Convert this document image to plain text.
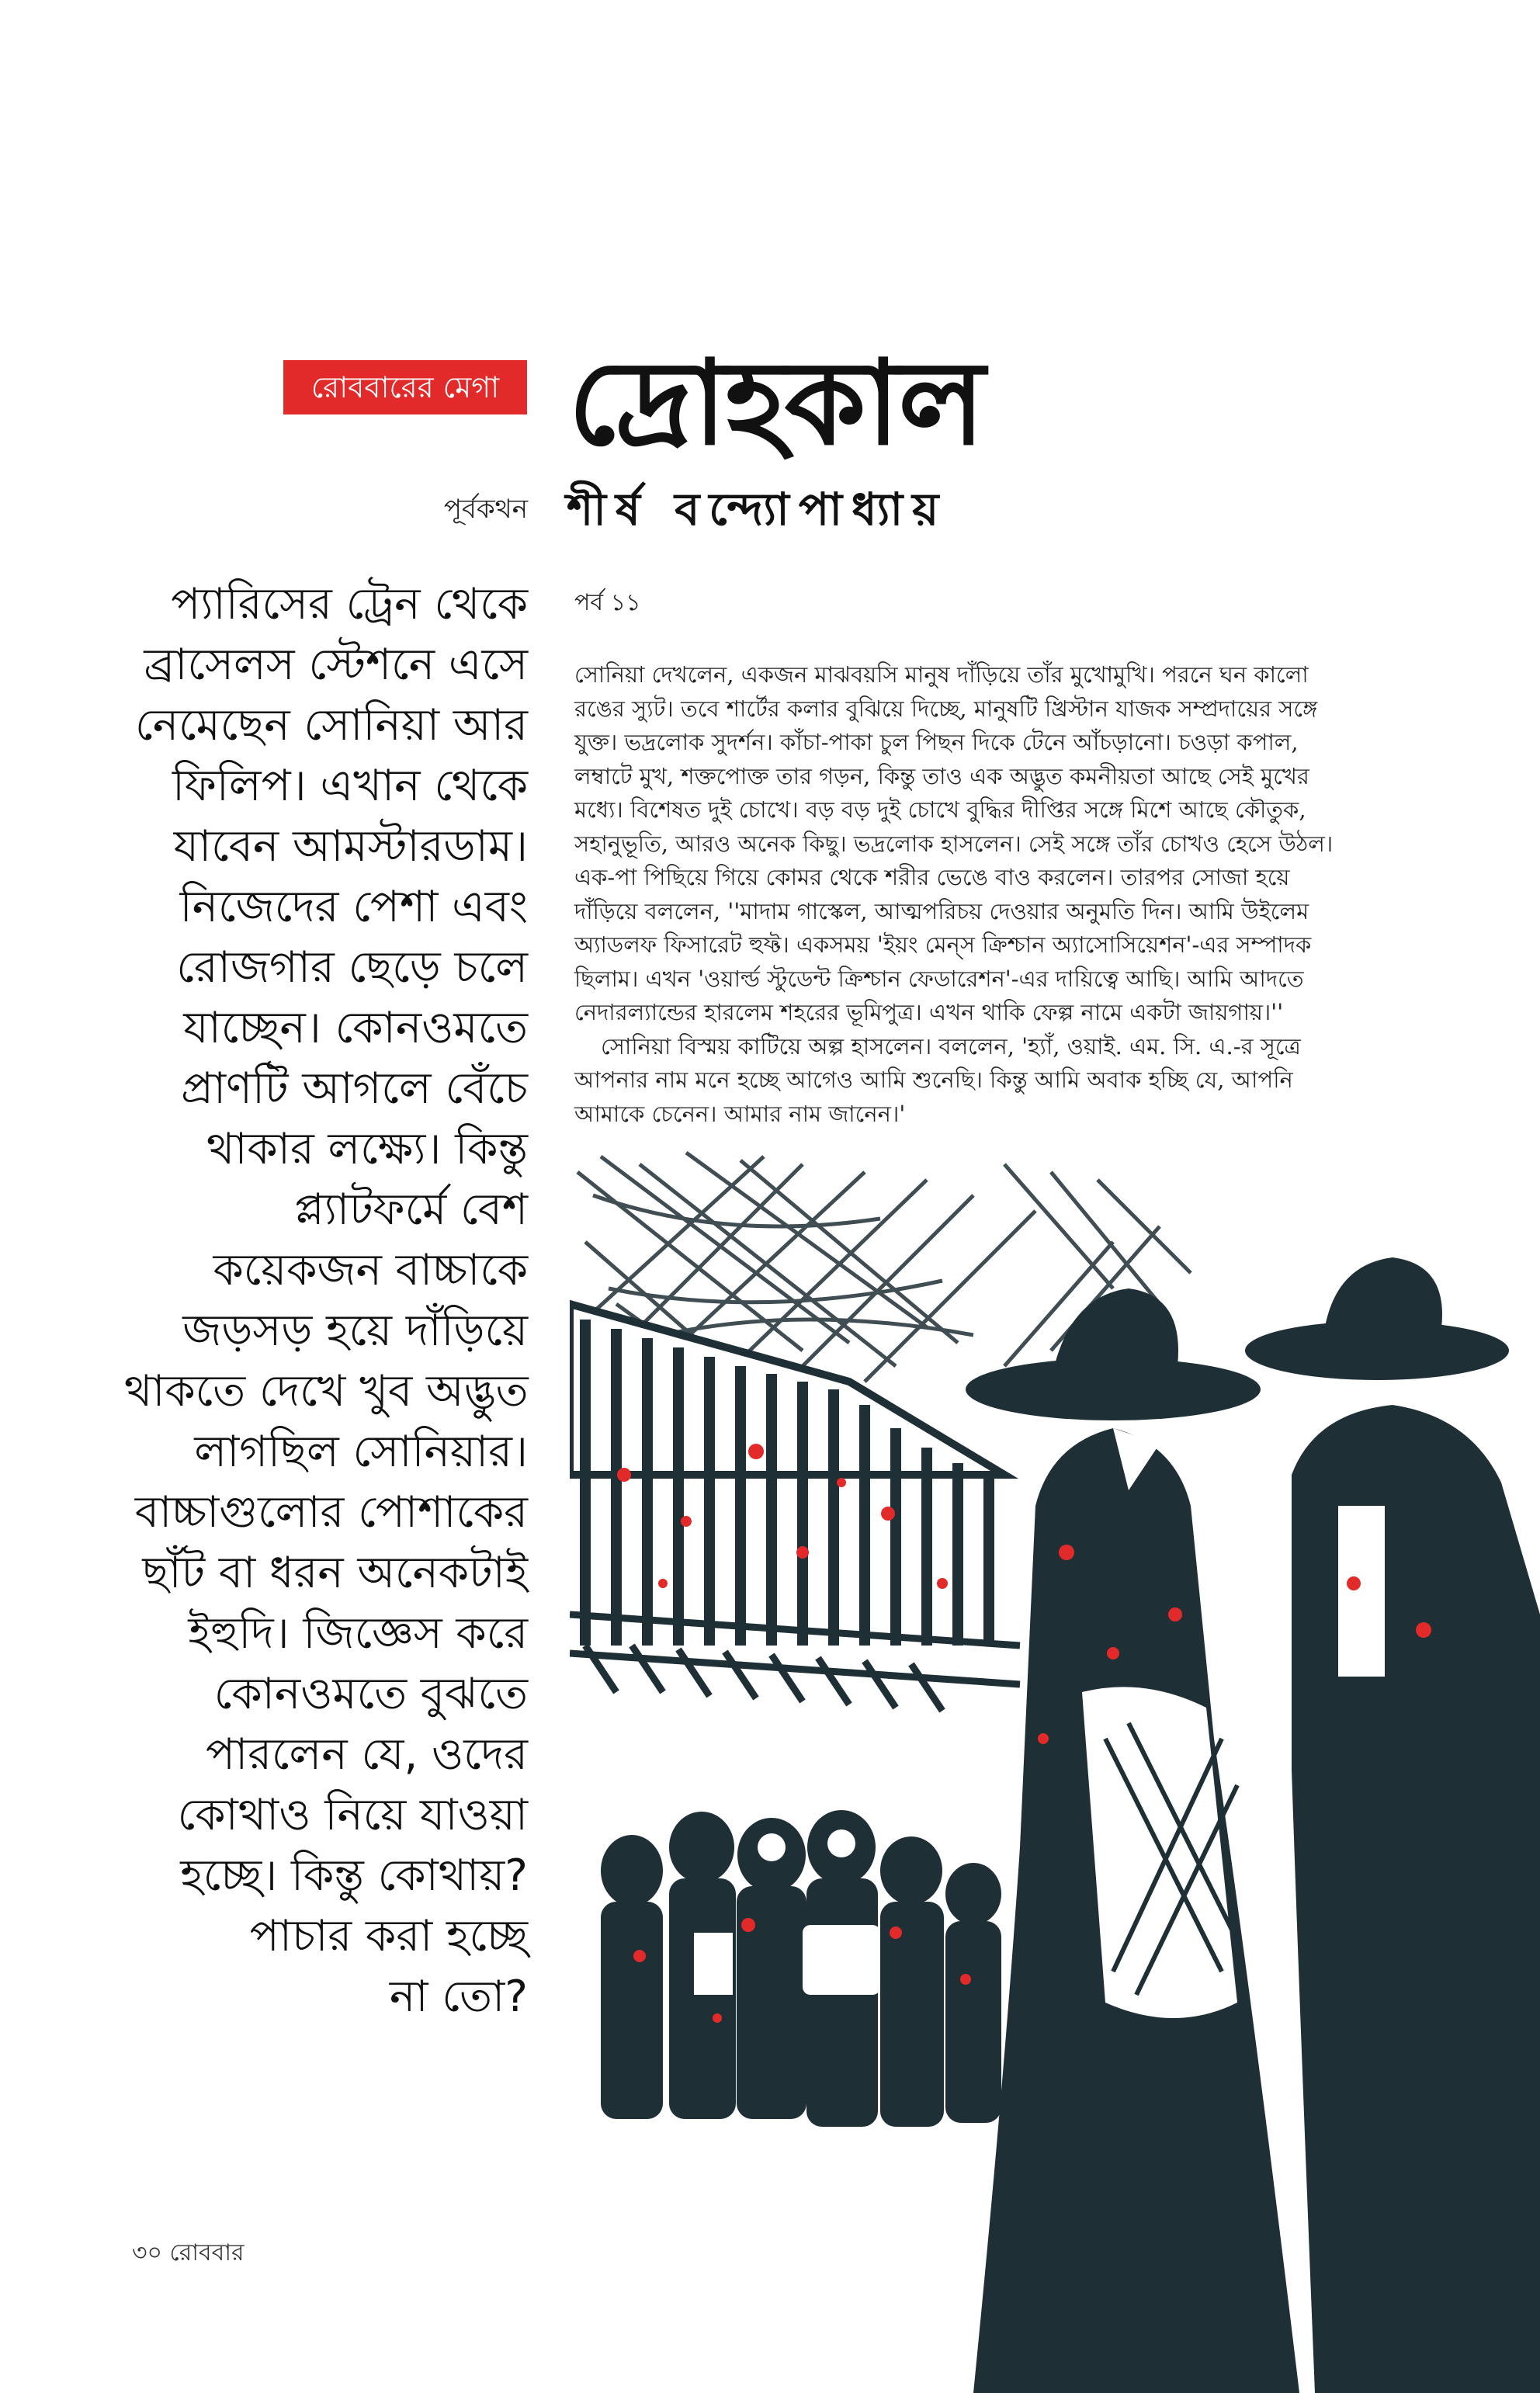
রোববারের মেগা দ্রোহকাল
পূর্বকথন শীর্ষ বন্দ্যোপাধ্যায়
প্যারিসের ট্রেন থেকে
ব্রাসেলস স্টেশনে এসে
নেমেছেন সোনিয়া আর
ফিলিপ। এখান থেকে
যাবেন আমস্টারডাম।
নিজেদের পেশা এবং
রোজগার ছেড়ে চলে
যাচ্ছেন। কোনওমতে
প্রাণটি আগলে বেঁচে
থাকার লক্ষ্যে। কিন্তু
প্ল্যাটফর্মে বেশ
কয়েকজন বাচ্চাকে
জড়সড় হয়ে দাঁড়িয়ে
থাকতে দেখে খুব অদ্ভুত
লাগছিল সোনিয়ার।
বাচ্চাগুলোর পোশাকের
ছাঁট বা ধরন অনেকটাই
ইহুদি। জিজ্ঞেস করে
কোনওমতে বুঝতে
পারলেন যে, ওদের
কোথাও নিয়ে যাওয়া
হচ্ছে। কিন্তু কোথায়?
পাচার করা হচ্ছে
না তো?
পর্ব ১১
সোনিয়া দেখলেন, একজন মাঝবয়সি মানুষ দাঁড়িয়ে তাঁর মুখোমুখি। পরনে ঘন কালো
রঙের স্যুট। তবে শার্টের কলার বুঝিয়ে দিচ্ছে, মানুষটি খ্রিস্টান যাজক সম্প্রদায়ের সঙ্গে
যুক্ত। ভদ্রলোক সুদর্শন। কাঁচা-পাকা চুল পিছন দিকে টেনে আঁচড়ানো। চওড়া কপাল,
লম্বাটে মুখ, শক্তপোক্ত তার গড়ন, কিন্তু তাও এক অদ্ভুত কমনীয়তা আছে সেই মুখের
মধ্যে। বিশেষত দুই চোখে। বড় বড় দুই চোখে বুদ্ধির দীপ্তির সঙ্গে মিশে আছে কৌতুক,
সহানুভূতি, আরও অনেক কিছু। ভদ্রলোক হাসলেন। সেই সঙ্গে তাঁর চোখও হেসে উঠল।
এক-পা পিছিয়ে গিয়ে কোমর থেকে শরীর ভেঙে বাও করলেন। তারপর সোজা হয়ে
দাঁড়িয়ে বললেন, ''মাদাম গাস্কেল, আত্মপরিচয় দেওয়ার অনুমতি দিন। আমি উইলেম
অ্যাডলফ ফিসারেট হুফ্ট। একসময় 'ইয়ং মেন্‌স ক্রিশ্চান অ্যাসোসিয়েশন'-এর সম্পাদক
ছিলাম। এখন 'ওয়ার্ল্ড স্টুডেন্ট ক্রিশ্চান ফেডারেশন'-এর দায়িত্বে আছি। আমি আদতে
নেদারল্যান্ডের হারলেম শহরের ভূমিপুত্র। এখন থাকি ফেল্প নামে একটা জায়গায়।''
সোনিয়া বিস্ময় কাটিয়ে অল্প হাসলেন। বললেন, 'হ্যাঁ, ওয়াই. এম. সি. এ.-র সূত্রে
আপনার নাম মনে হচ্ছে আগেও আমি শুনেছি। কিন্তু আমি অবাক হচ্ছি যে, আপনি
আমাকে চেনেন। আমার নাম জানেন।'
৩০ রোববার
